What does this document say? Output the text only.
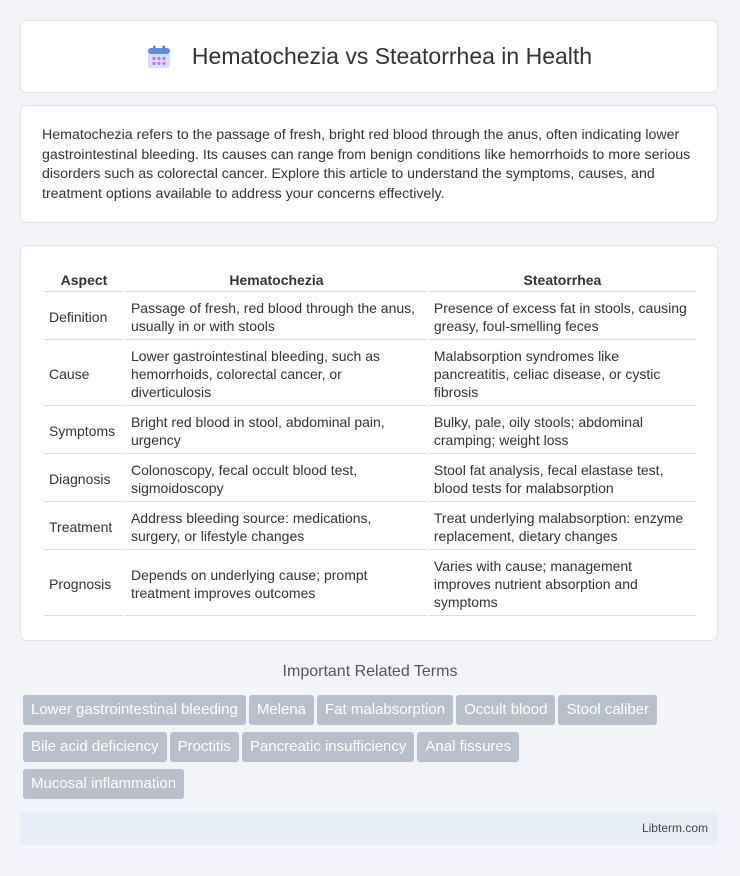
Hematochezia vs Steatorrhea in Health

Hematochezia refers to the passage of fresh, bright red blood through the anus, often indicating lower gastrointestinal bleeding. Its causes can range from benign conditions like hemorrhoids to more serious disorders such as colorectal cancer. Explore this article to understand the symptoms, causes, and treatment options available to address your concerns effectively.

Aspect	Hematochezia	Steatorrhea
Definition	Passage of fresh, red blood through the anus, usually in or with stools	Presence of excess fat in stools, causing greasy, foul-smelling feces
Cause	Lower gastrointestinal bleeding, such as hemorrhoids, colorectal cancer, or diverticulosis	Malabsorption syndromes like pancreatitis, celiac disease, or cystic fibrosis
Symptoms	Bright red blood in stool, abdominal pain, urgency	Bulky, pale, oily stools; abdominal cramping; weight loss
Diagnosis	Colonoscopy, fecal occult blood test, sigmoidoscopy	Stool fat analysis, fecal elastase test, blood tests for malabsorption
Treatment	Address bleeding source: medications, surgery, or lifestyle changes	Treat underlying malabsorption: enzyme replacement, dietary changes
Prognosis	Depends on underlying cause; prompt treatment improves outcomes	Varies with cause; management improves nutrient absorption and symptoms
Important Related Terms
Lower gastrointestinal bleeding Melena Fat malabsorption Occult blood Stool caliber
Bile acid deficiency Proctitis Pancreatic insufficiency Anal fissures
Mucosal inflammation
Libterm.com
